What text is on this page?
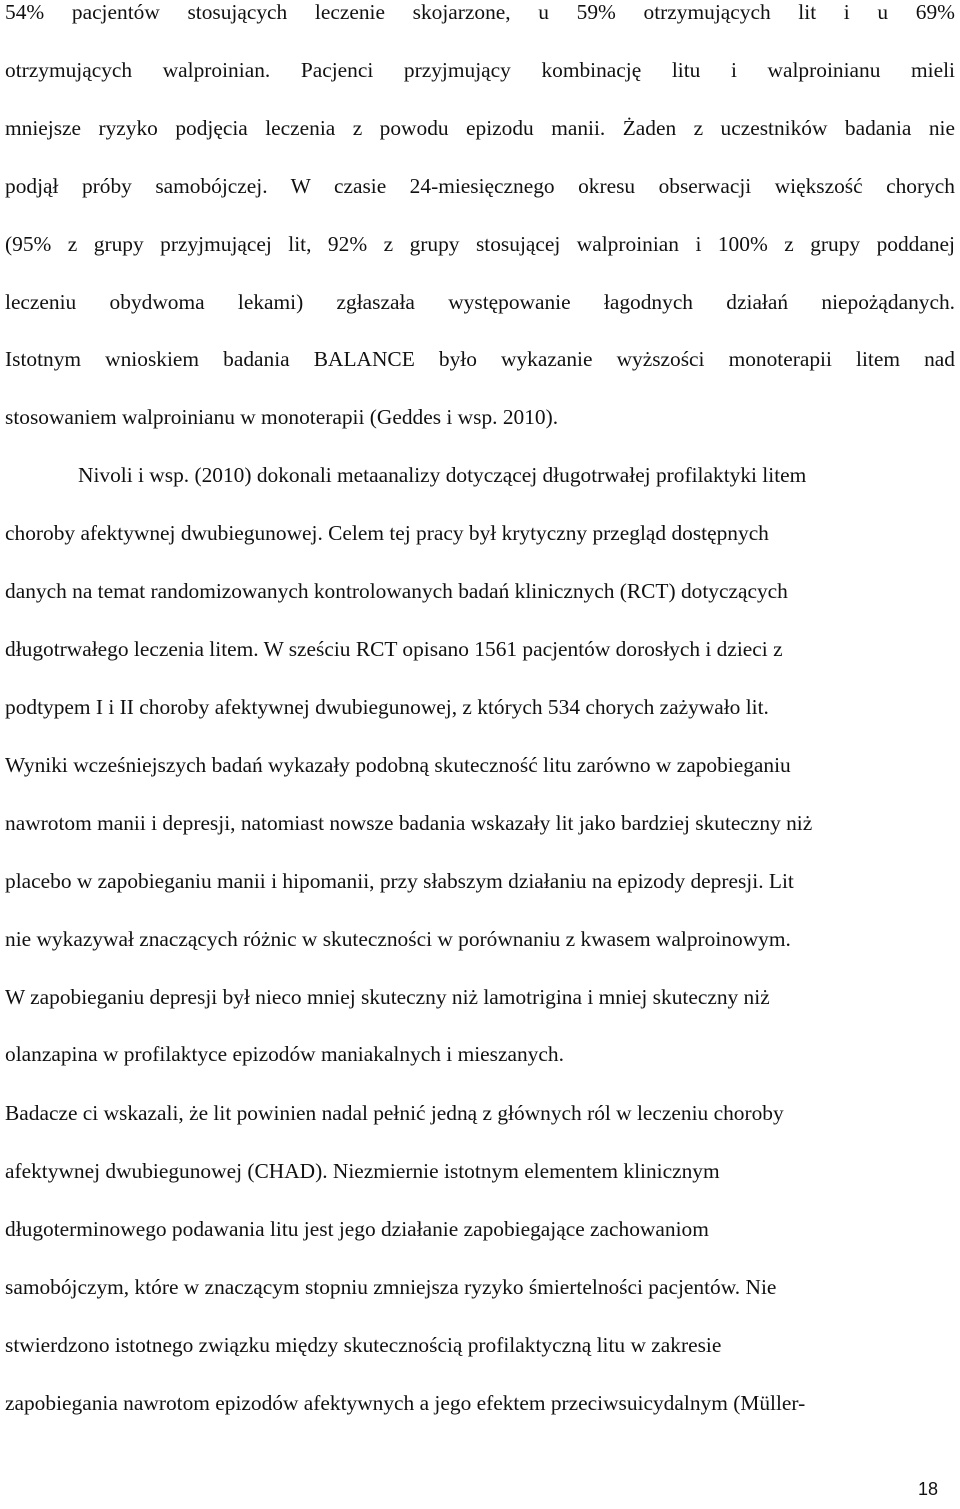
54% pacjentów stosujących leczenie skojarzone, u 59% otrzymujących lit i u 69%
otrzymujących walproinian. Pacjenci przyjmujący kombinację litu i walproinianu mieli
mniejsze ryzyko podjęcia leczenia z powodu epizodu manii. Żaden z uczestników badania nie
podjął próby samobójczej. W czasie 24-miesięcznego okresu obserwacji większość chorych
(95% z grupy przyjmującej lit, 92% z grupy stosującej walproinian i 100% z grupy poddanej
leczeniu obydwoma lekami) zgłaszała występowanie łagodnych działań niepożądanych.
Istotnym wnioskiem badania BALANCE było wykazanie wyższości monoterapii litem nad
stosowaniem walproinianu w monoterapii (Geddes i wsp. 2010).
Nivoli i wsp. (2010) dokonali metaanalizy dotyczącej długotrwałej profilaktyki litem
choroby afektywnej dwubiegunowej. Celem tej pracy był krytyczny przegląd dostępnych
danych na temat randomizowanych kontrolowanych badań klinicznych (RCT) dotyczących
długotrwałego leczenia litem. W sześciu RCT opisano 1561 pacjentów dorosłych i dzieci z
podtypem I i II choroby afektywnej dwubiegunowej, z których 534 chorych zażywało lit.
Wyniki wcześniejszych badań wykazały podobną skuteczność litu zarówno w zapobieganiu
nawrotom manii i depresji, natomiast nowsze badania wskazały lit jako bardziej skuteczny niż
placebo w zapobieganiu manii i hipomanii, przy słabszym działaniu na epizody depresji. Lit
nie wykazywał znaczących różnic w skuteczności w porównaniu z kwasem walproinowym.
W zapobieganiu depresji był nieco mniej skuteczny niż lamotrigina i mniej skuteczny niż
olanzapina w profilaktyce epizodów maniakalnych i mieszanych.
Badacze ci wskazali, że lit powinien nadal pełnić jedną z głównych ról w leczeniu choroby
afektywnej dwubiegunowej (CHAD). Niezmiernie istotnym elementem klinicznym
długoterminowego podawania litu jest jego działanie zapobiegające zachowaniom
samobójczym, które w znaczącym stopniu zmniejsza ryzyko śmiertelności pacjentów. Nie
stwierdzono istotnego związku między skutecznością profilaktyczną litu w zakresie
zapobiegania nawrotom epizodów afektywnych a jego efektem przeciwsuicydalnym (Müller-
18
